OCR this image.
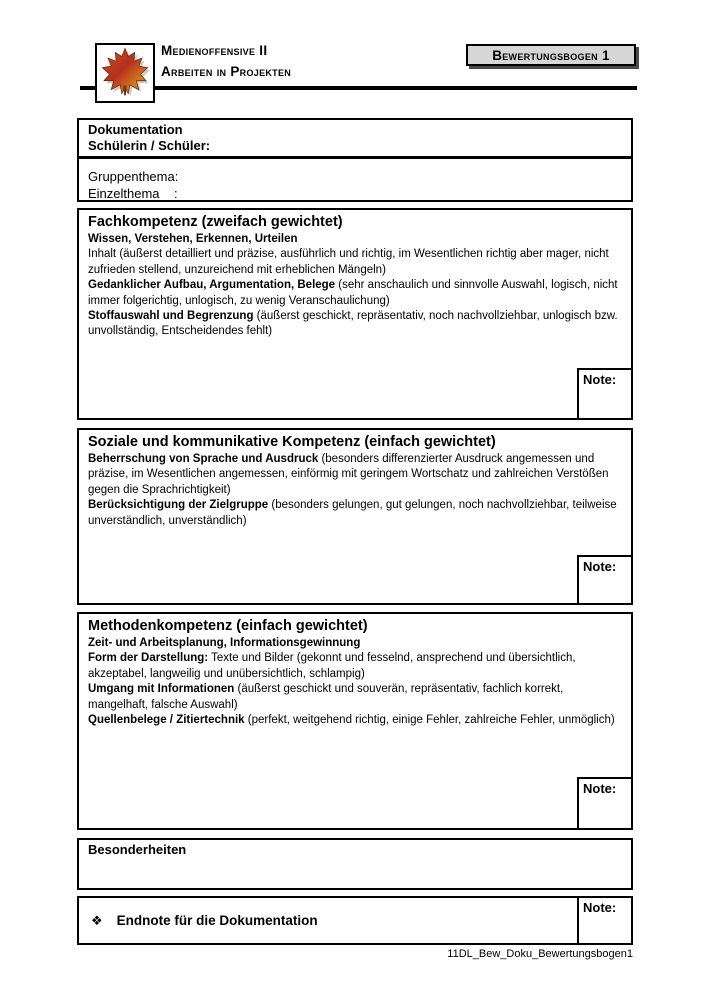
Medienoffensive II
Arbeiten in Projekten
Bewertungsbogen 1
Dokumentation
Schülerin / Schüler:
Gruppenthema:
Einzelthema    :
Fachkompetenz (zweifach gewichtet)
Wissen, Verstehen, Erkennen, Urteilen
Inhalt (äußerst detailliert und präzise, ausführlich und richtig, im Wesentlichen richtig aber mager, nicht zufrieden stellend, unzureichend mit erheblichen Mängeln)
Gedanklicher Aufbau, Argumentation, Belege (sehr anschaulich und sinnvolle Auswahl, logisch, nicht immer folgerichtig, unlogisch, zu wenig Veranschaulichung)
Stoffauswahl und Begrenzung (äußerst geschickt, repräsentativ, noch nachvollziehbar, unlogisch bzw. unvollständig, Entscheidendes fehlt)
Note:
Soziale und kommunikative Kompetenz (einfach gewichtet)
Beherrschung von Sprache und Ausdruck (besonders differenzierter Ausdruck angemessen und präzise, im Wesentlichen angemessen, einförmig mit geringem Wortschatz und zahlreichen Verstößen gegen die Sprachrichtigkeit)
Berücksichtigung der Zielgruppe (besonders gelungen, gut gelungen, noch nachvollziehbar, teilweise unverständlich, unverständlich)
Note:
Methodenkompetenz (einfach gewichtet)
Zeit- und Arbeitsplanung, Informationsgewinnung
Form der Darstellung: Texte und Bilder (gekonnt und fesselnd, ansprechend und übersichtlich, akzeptabel, langweilig und unübersichtlich, schlampig)
Umgang mit Informationen (äußerst geschickt und souverän, repräsentativ, fachlich korrekt, mangelhaft, falsche Auswahl)
Quellenbelege / Zitiertechnik (perfekt, weitgehend richtig, einige Fehler, zahlreiche Fehler, unmöglich)
Note:
Besonderheiten
❖ Endnote für die Dokumentation
Note:
11DL_Bew_Doku_Bewertungsbogen1
